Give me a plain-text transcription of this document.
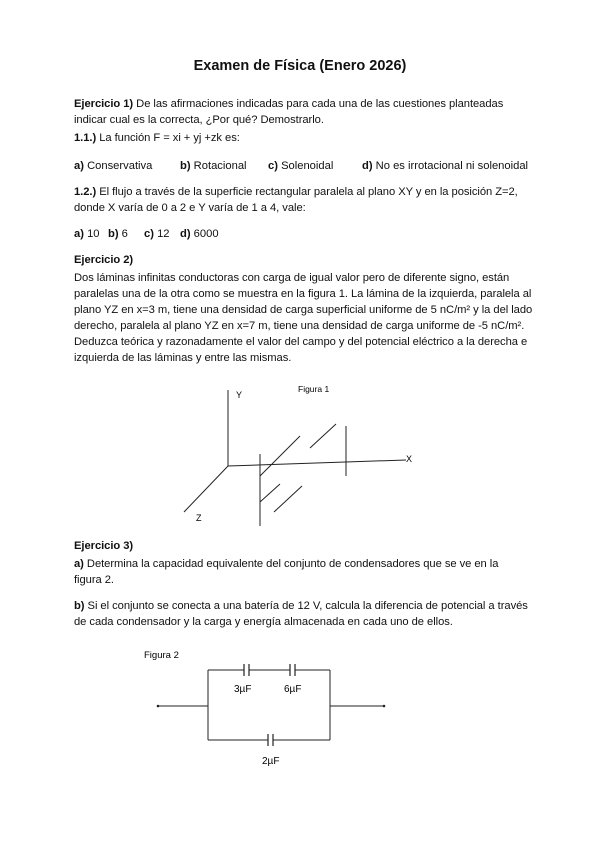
Examen de Física (Enero 2026)
Ejercicio 1) De las afirmaciones indicadas para cada una de las cuestiones planteadas
indicar cual es la correcta, ¿Por qué? Demostrarlo.
1.1.) La función F = xi + yj +zk es:
a) Conservativa b) Rotacional c) Solenoidal	d) No es irrotacional ni solenoidal
1.2.) El flujo a través de la superficie rectangular paralela al plano XY y en la posición Z=2,
donde X varía de 0 a 2 e Y varía de 1 a 4, vale:
a) 10 b) 6 c) 12 d) 6000
Ejercicio 2)
Dos láminas infinitas conductoras con carga de igual valor pero de diferente signo, están
paralelas una de la otra como se muestra en la figura 1. La lámina de la izquierda, paralela al
plano YZ en x=3 m, tiene una densidad de carga superficial uniforme de 5 nC/m² y la del lado
derecho, paralela al plano YZ en x=7 m, tiene una densidad de carga uniforme de -5 nC/m².
Deduzca teórica y razonadamente el valor del campo y del potencial eléctrico a la derecha e
izquierda de las láminas y entre las mismas.
Figura 1
Y
X
Z
Ejercicio 3)
a) Determina la capacidad equivalente del conjunto de condensadores que se ve en la
figura 2.
b) Si el conjunto se conecta a una batería de 12 V, calcula la diferencia de potencial a través
de cada condensador y la carga y energía almacenada en cada uno de ellos.
Figura 2
3µF	6µF
2µF
